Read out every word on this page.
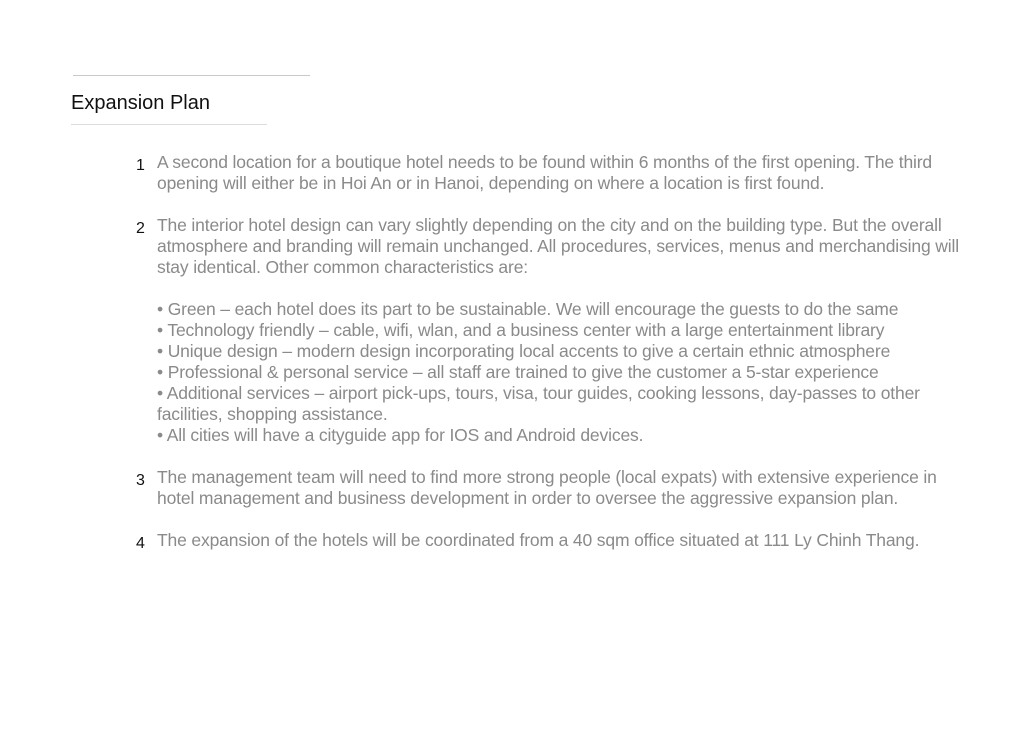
Expansion Plan
1 A second location for a boutique hotel needs to be found within 6 months of the first opening. The third opening will either be in Hoi An or in Hanoi, depending on where a location is first found.
2 The interior hotel design can vary slightly depending on the city and on the building type. But the overall atmosphere and branding will remain unchanged. All procedures, services, menus and merchandising will stay identical. Other common characteristics are:
• Green – each hotel does its part to be sustainable. We will encourage the guests to do the same
• Technology friendly – cable, wifi, wlan, and a business center with a large entertainment library
• Unique design – modern design incorporating local accents to give a certain ethnic atmosphere
• Professional & personal service – all staff are trained to give the customer a 5-star experience
• Additional services – airport pick-ups, tours, visa, tour guides, cooking lessons, day-passes to other facilities, shopping assistance.
• All cities will have a cityguide app for IOS and Android devices.
3 The management team will need to find more strong people (local expats) with extensive experience in hotel management and business development in order to oversee the aggressive expansion plan.
4 The expansion of the hotels will be coordinated from a 40 sqm office situated at 111 Ly Chinh Thang.
